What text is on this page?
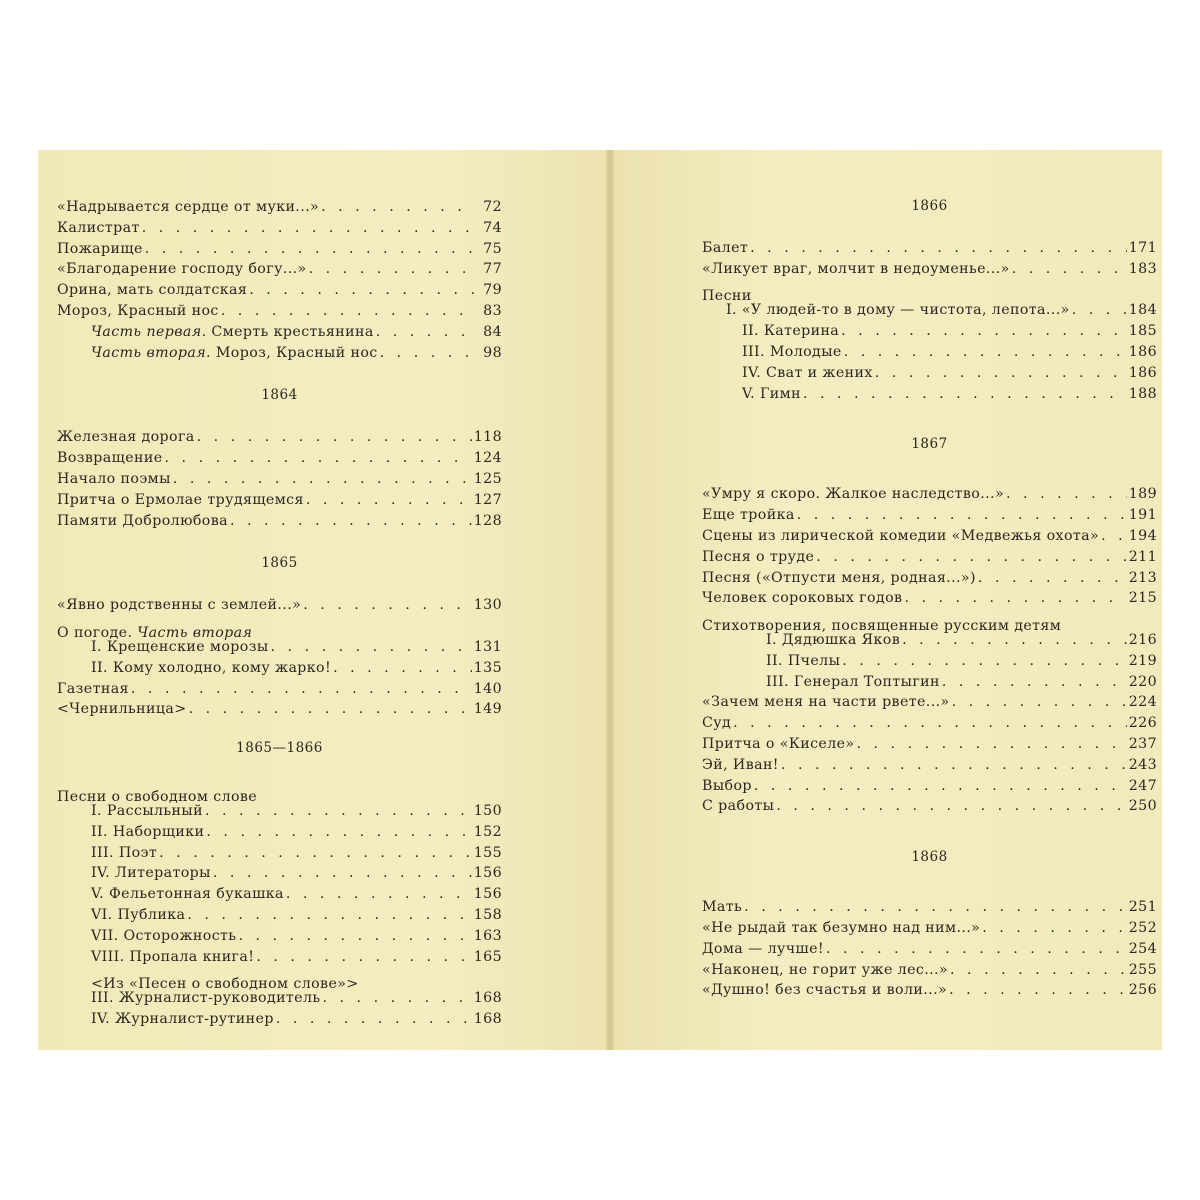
«Надрывается сердце от муки...» . . .	72
Калистрат . . .	74
Пожарище . . .	75
«Благодарение господу богу...» . . .	77
Орина, мать солдатская . . .	79
Мороз, Красный нос . . .	83
Часть первая. Смерть крестьянина . . .	84
Часть вторая. Мороз, Красный нос . . .	98
1864
Железная дорога . . .	118
Возвращение . . .	124
Начало поэмы . . .	125
Притча о Ермолае трудящемся . . .	127
Памяти Добролюбова . . .	128
1865
«Явно родственны с землей...» . . .	130
О погоде. Часть вторая
I. Крещенские морозы . . .	131
II. Кому холодно, кому жарко! . . .	135
Газетная . . .	140
<Чернильница> . . .	149
1865—1866
Песни о свободном слове
I. Рассыльный . . .	150
II. Наборщики . . .	152
III. Поэт . . .	155
IV. Литераторы . . .	156
V. Фельетонная букашка . . .	156
VI. Публика . . .	158
VII. Осторожность . . .	163
VIII. Пропала книга! . . .	165
<Из «Песен о свободном слове»>
III. Журналист-руководитель . . .	168
IV. Журналист-рутинер . . .	168
1866
Балет . . .	171
«Ликует враг, молчит в недоуменье...» . . .	183
Песни
I. «У людей-то в дому — чистота, лепота...» . . .	184
II. Катерина . . .	185
III. Молодые . . .	186
IV. Сват и жених . . .	186
V. Гимн . . .	188
1867
«Умру я скоро. Жалкое наследство...» . . .	189
Еще тройка . . .	191
Сцены из лирической комедии «Медвежья охота» . . . 194
Песня о труде . . .	211
Песня («Отпусти меня, родная...») . . .	213
Человек сороковых годов . . .	215
Стихотворения, посвященные русским детям
I. Дядюшка Яков . . .	216
II. Пчелы . . .	219
III. Генерал Топтыгин . . .	220
«Зачем меня на части рвете...» . . .	224
Суд . . .	226
Притча о «Киселе» . . .	237
Эй, Иван! . . .	243
Выбор . . .	247
С работы . . .	250
1868
Мать . . .	251
«Не рыдай так безумно над ним...» . . .	252
Дома — лучше! . . .	254
«Наконец, не горит уже лес...» . . .	255
«Душно! без счастья и воли...» . . .	256
